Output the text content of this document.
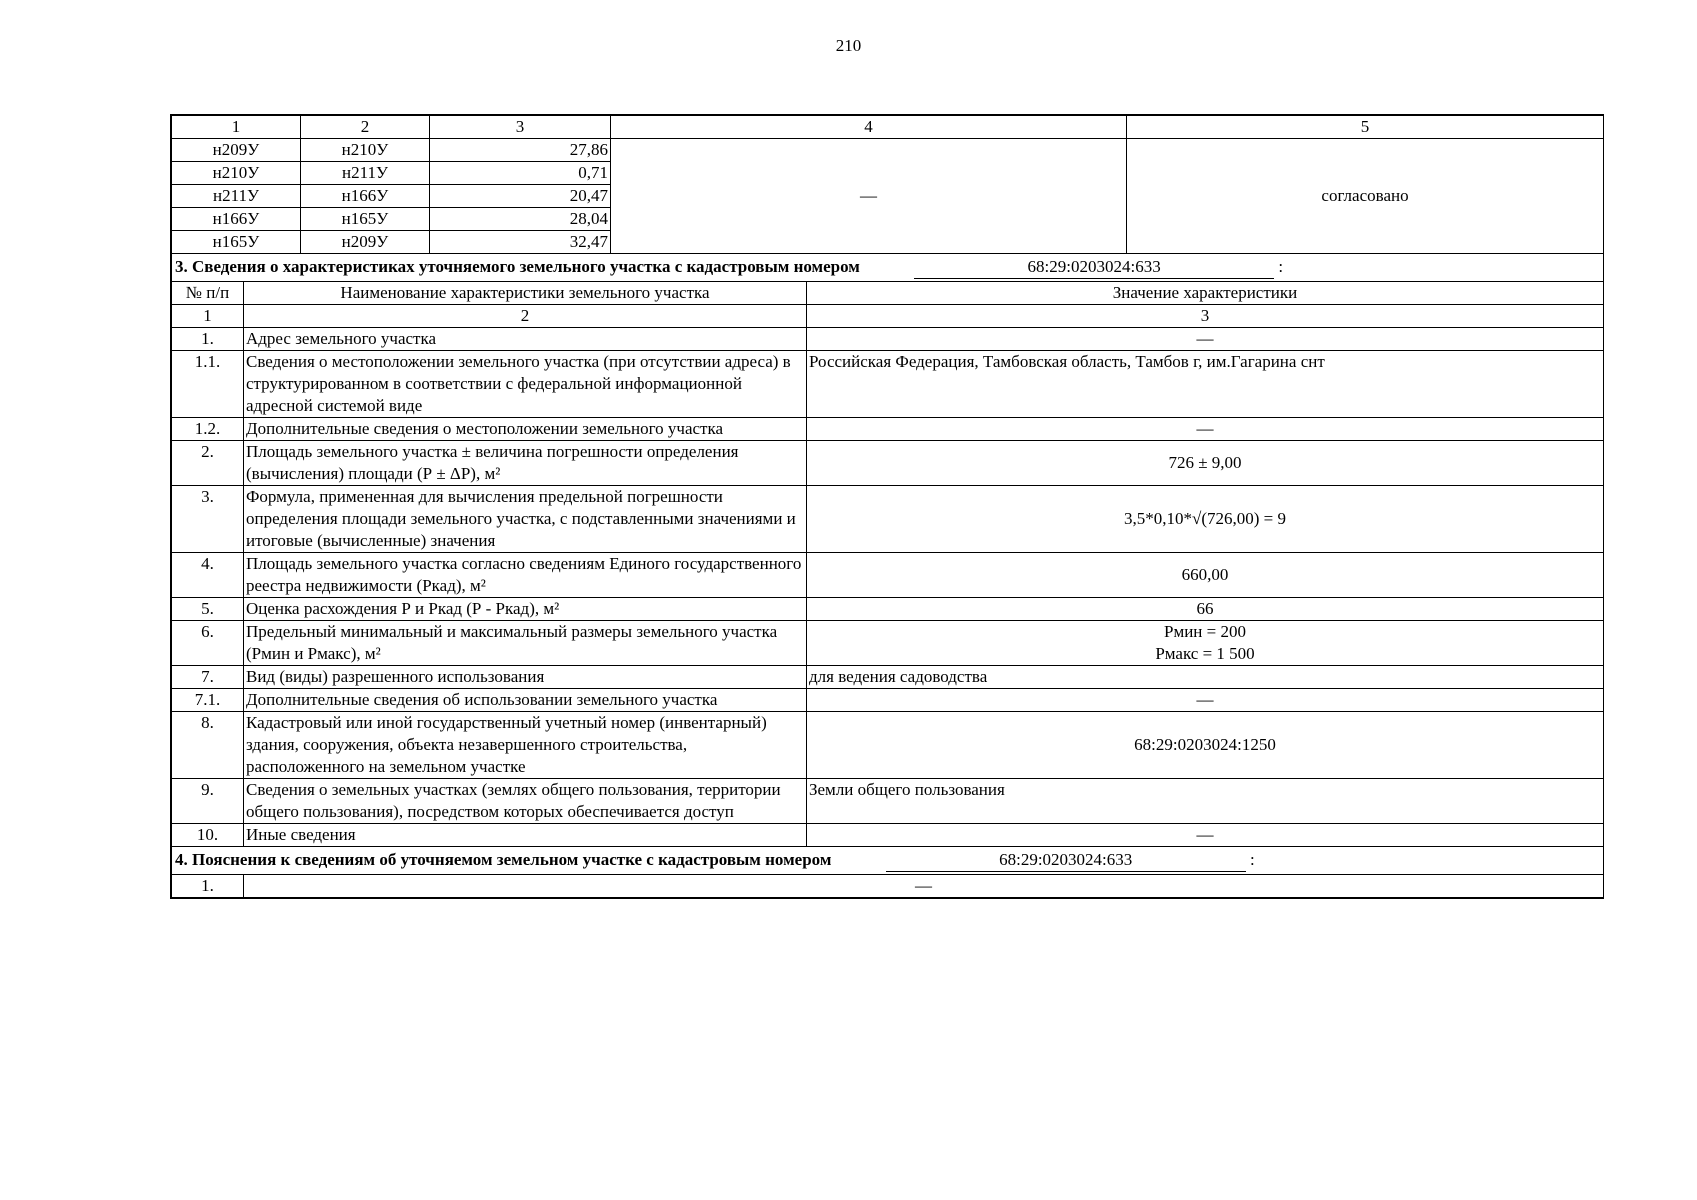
210
1	2	3	4	5
н209У	н210У	27,86	—	согласовано
н210У	н211У	0,71		
н211У	н166У	20,47		
н166У	н165У	28,04		
н165У	н209У	32,47		
3. Сведения о характеристиках уточняемого земельного участка с кадастровым номером 68:29:0203024:633 :		
№ п/п	Наименование характеристики земельного участка	Значение характеристики
1	2	3
1.	Адрес земельного участка	—
1.1.	Сведения о местоположении земельного участка (при отсутствии адреса) в структурированном в соответствии с федеральной информационной адресной системой виде	Российская Федерация, Тамбовская область, Тамбов г, им.Гагарина снт
1.2.	Дополнительные сведения о местоположении земельного участка	—
2.	Площадь земельного участка ± величина погрешности определения (вычисления) площади (Р ± ΔР), м²	726 ± 9,00
3.	Формула, примененная для вычисления предельной погрешности определения площади земельного участка, с подставленными значениями и итоговые (вычисленные) значения	3,5*0,10*√(726,00) = 9
4.	Площадь земельного участка согласно сведениям Единого государственного реестра недвижимости (Ркад), м²	660,00
5.	Оценка расхождения Р и Ркад (Р - Ркад), м²	66
6.	Предельный минимальный и максимальный размеры земельного участка (Рмин и Рмакс), м²	Рмин = 200
Рмакс = 1 500

7.	Вид (виды) разрешенного использования	для ведения садоводства
7.1.	Дополнительные сведения об использовании земельного участка	—
8.	Кадастровый или иной государственный учетный номер (инвентарный) здания, сооружения, объекта незавершенного строительства, расположенного на земельном участке	68:29:0203024:1250
9.	Сведения о земельных участках (землях общего пользования, территории общего пользования), посредством которых обеспечивается доступ	Земли общего пользования
10.	Иные сведения	—
4. Пояснения к сведениям об уточняемом земельном участке с кадастровым номером	68:29:0203024:633	:
1.	—
